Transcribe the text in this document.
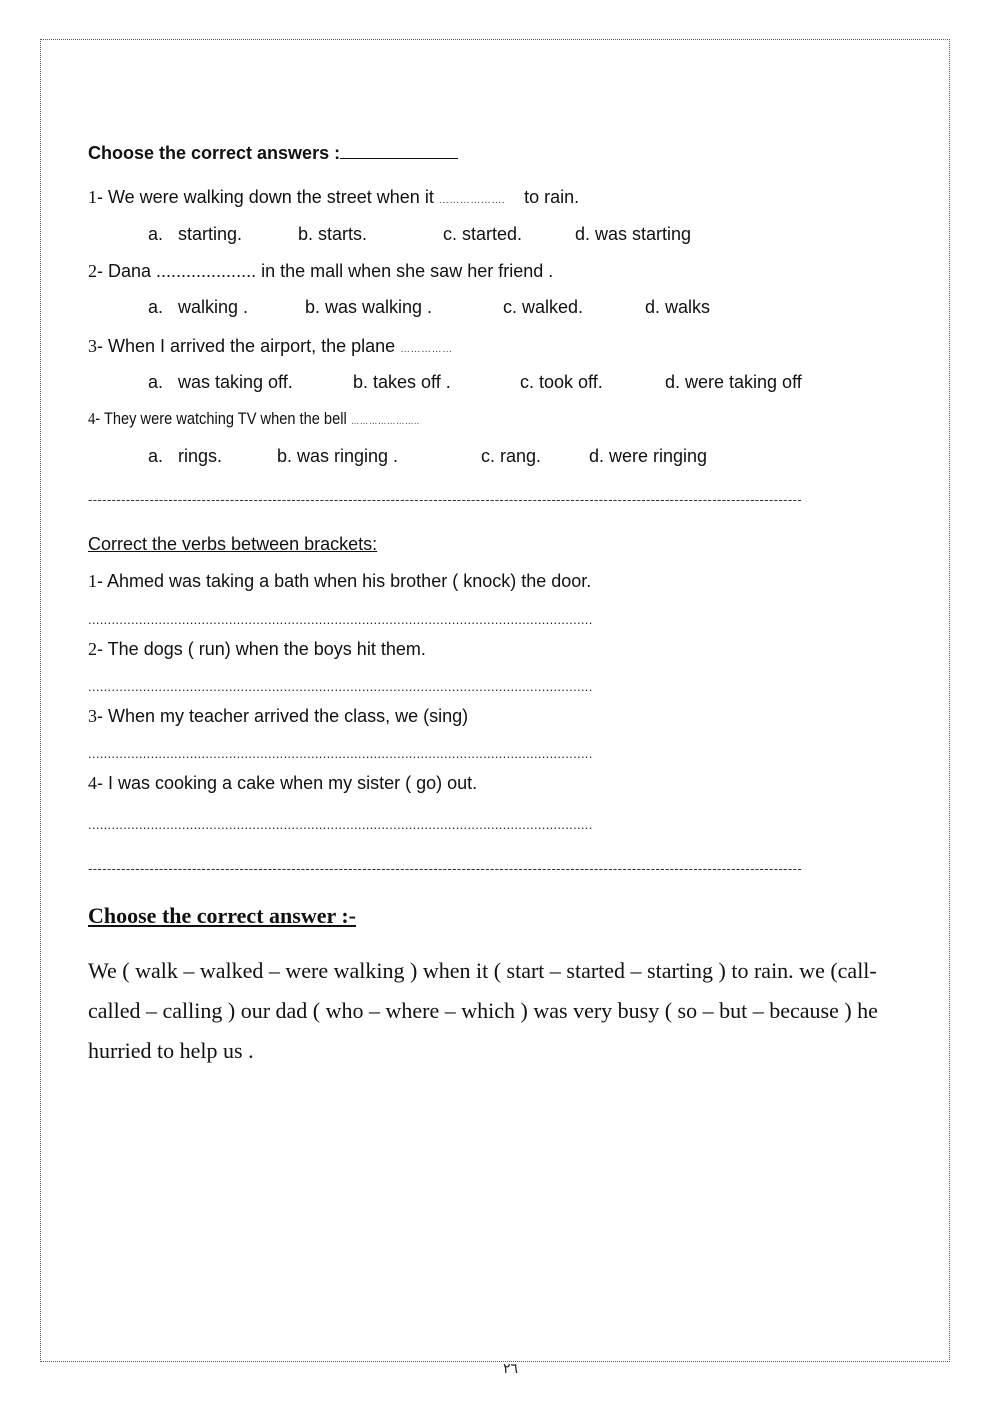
Choose the correct answers :
1- We were walking down the street when it ………………. to rain.
a. starting.	b. starts.	c. started.	d. was starting
2- Dana .................... in the mall when she saw her friend .
a. walking .	b. was walking .	c. walked.	d. walks
3- When I arrived the airport, the plane ……………
a. was taking off.	b. takes off .	c. took off.	d. were taking off
4- They were watching TV when the bell …………………..
a. rings.	b. was ringing .	c. rang.	d. were ringing
-------------------------------------------------------------------------------------------------------------------------------------------------------
Correct the verbs between brackets:
1- Ahmed was taking a bath when his brother ( knock) the door.
.................................................................................................................................
2- The dogs ( run) when the boys hit them.
.................................................................................................................................
3- When my teacher arrived the class, we (sing)
.................................................................................................................................
4- I was cooking a cake when my sister ( go) out.
.................................................................................................................................
-------------------------------------------------------------------------------------------------------------------------------------------------------
Choose the correct answer :-
We ( walk – walked – were walking ) when it ( start – started – starting ) to rain. we (call-
called – calling ) our dad ( who – where – which ) was very busy ( so – but – because ) he
hurried to help us .
٢٦
